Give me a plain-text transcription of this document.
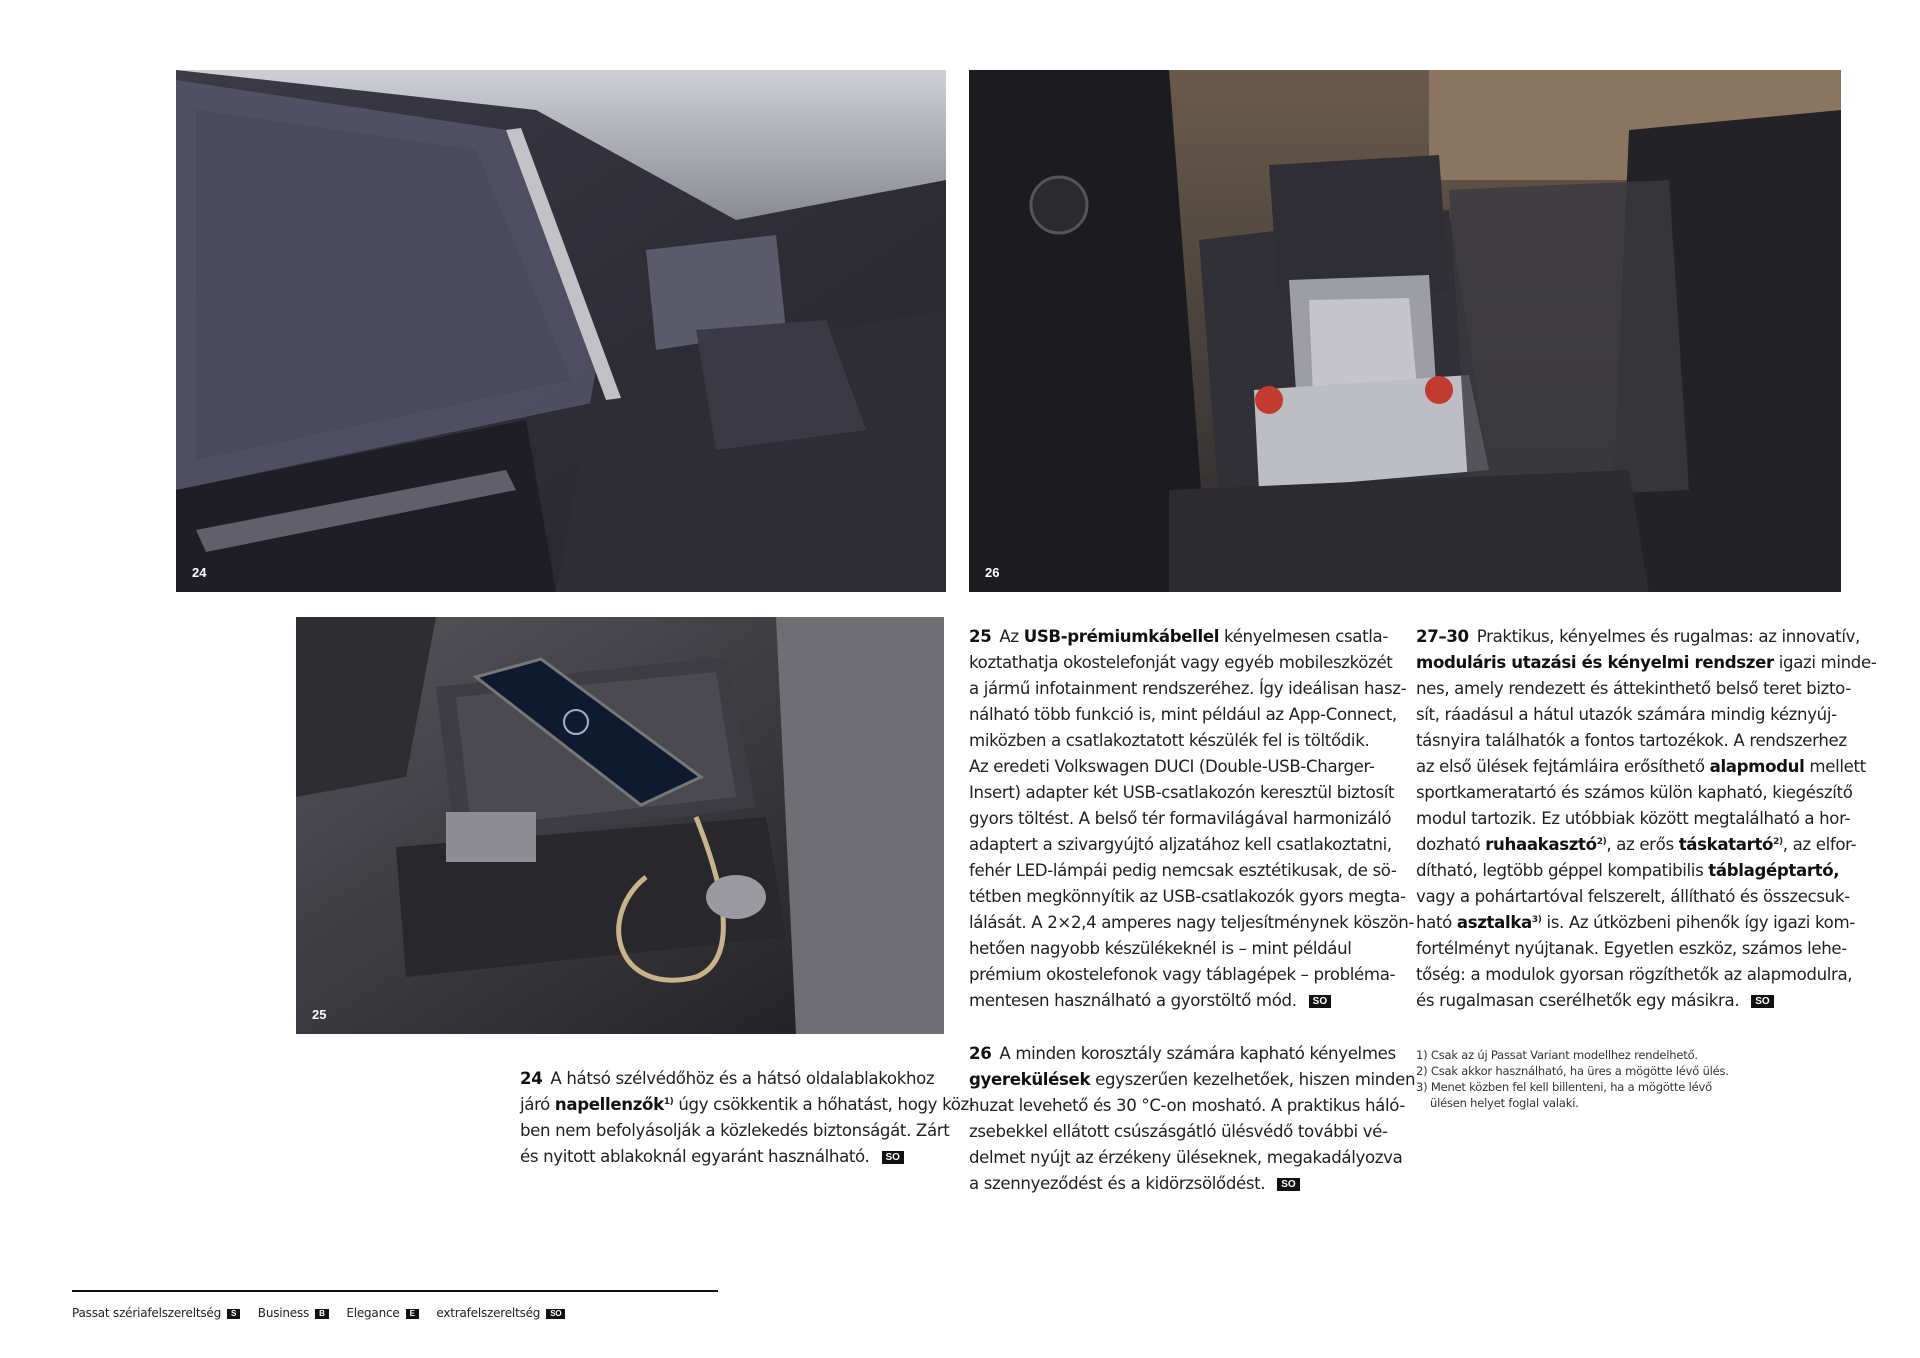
24	26
25
24 A hátsó szélvédőhöz és a hátsó oldalablakokhoz
járó napellenzők$^{1)}$ úgy csökkentik a hőhatást, hogy köz-
ben nem befolyásolják a közlekedés biztonságát. Zárt
és nyitott ablakoknál egyaránt használható. SO
25 Az USB-prémiumkábellel kényelmesen csatla-
koztathatja okostelefonját vagy egyéb mobileszközét
a jármű infotainment rendszeréhez. Így ideálisan hasz-
nálható több funkció is, mint például az App-Connect,
miközben a csatlakoztatott készülék fel is töltődik.
Az eredeti Volkswagen DUCI (Double-USB-Charger-
Insert) adapter két USB-csatlakozón keresztül biztosít
gyors töltést. A belső tér formavilágával harmonizáló
adaptert a szivargyújtó aljzatához kell csatlakoztatni,
fehér LED-lámpái pedig nemcsak esztétikusak, de sö-
tétben megkönnyítik az USB-csatlakozók gyors megta-
lálását. A 2×2,4 amperes nagy teljesítménynek köszön-
hetően nagyobb készülékeknél is – mint például
prémium okostelefonok vagy táblagépek – probléma-
mentesen használható a gyorstöltő mód. SO
26 A minden korosztály számára kapható kényelmes
gyerekülések egyszerűen kezelhetőek, hiszen minden
huzat levehető és 30 °C-on mosható. A praktikus háló-
zsebekkel ellátott csúszásgátló ülésvédő további vé-
delmet nyújt az érzékeny üléseknek, megakadályozva
a szennyeződést és a kidörzsölődést. SO
27–30 Praktikus, kényelmes és rugalmas: az innovatív,
moduláris utazási és kényelmi rendszer igazi minde-
nes, amely rendezett és áttekinthető belső teret bizto-
sít, ráadásul a hátul utazók számára mindig kéznyúj-
tásnyira találhatók a fontos tartozékok. A rendszerhez
az első ülések fejtámláira erősíthető alapmodul mellett
sportkameratartó és számos külön kapható, kiegészítő
modul tartozik. Ez utóbbiak között megtalálható a hor-
dozható ruhaakasztó$^{2)}$, az erős táskatartó$^{2)}$, az elfor-
dítható, legtöbb géppel kompatibilis táblagéptartó,
vagy a pohártartóval felszerelt, állítható és összecsuk-
ható asztalka$^{3)}$ is. Az útközbeni pihenők így igazi kom-
fortélményt nyújtanak. Egyetlen eszköz, számos lehe-
tőség: a modulok gyorsan rögzíthetők az alapmodulra,
és rugalmasan cserélhetők egy másikra. SO
1) Csak az új Passat Variant modellhez rendelhető.
2) Csak akkor használható, ha üres a mögötte lévő ülés.
3) Menet közben fel kell billenteni, ha a mögötte lévő
ülésen helyet foglal valaki.
Passat szériafelszereltség S Business B Elegance E extrafelszereltség SO
